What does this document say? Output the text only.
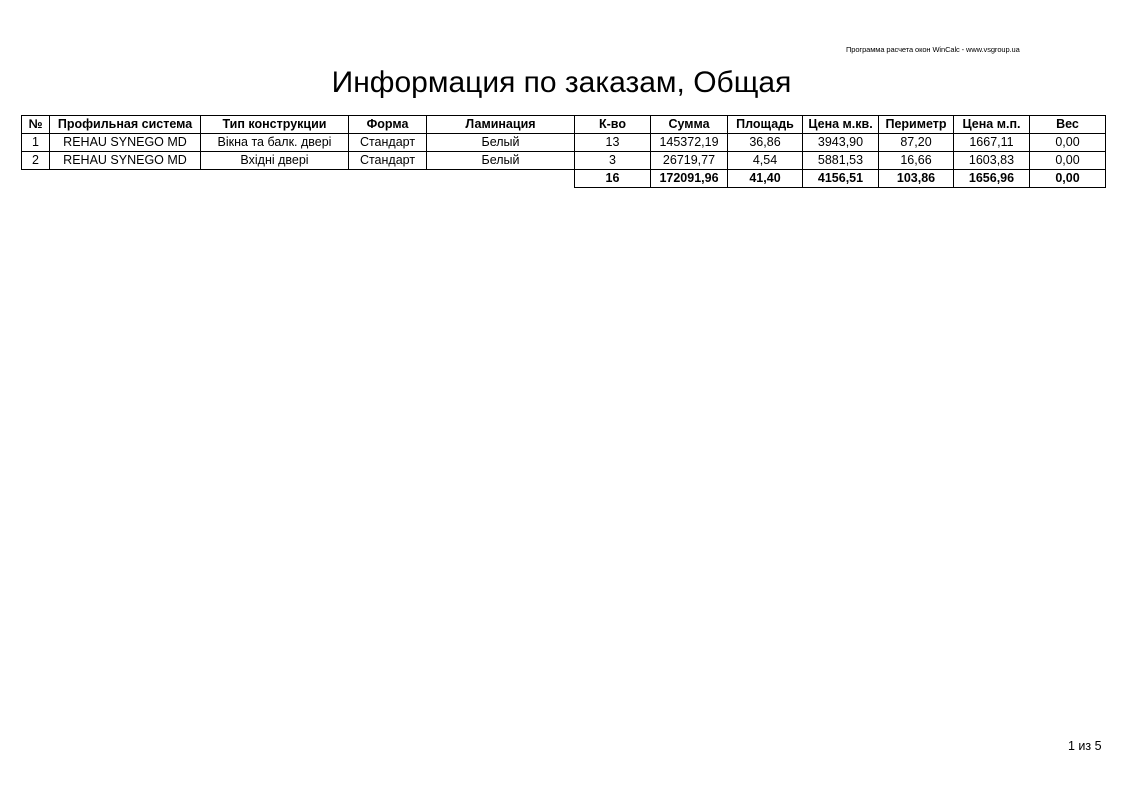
Программа расчета окон WinCalc - www.vsgroup.ua
Информация по заказам, Общая
№	Профильная система	Тип конструкции	Форма	Ламинация	К-во	Сумма	Площадь	Цена м.кв.	Периметр	Цена м.п.	Вес
1	REHAU SYNEGO MD	Вікна та балк. двері	Стандарт	Белый	13	145372,19	36,86	3943,90	87,20	1667,11	0,00
2	REHAU SYNEGO MD	Вхідні двері	Стандарт	Белый	3	26719,77	4,54	5881,53	16,66	1603,83	0,00
					16	172091,96	41,40	4156,51	103,86	1656,96	0,00
1 из 5
